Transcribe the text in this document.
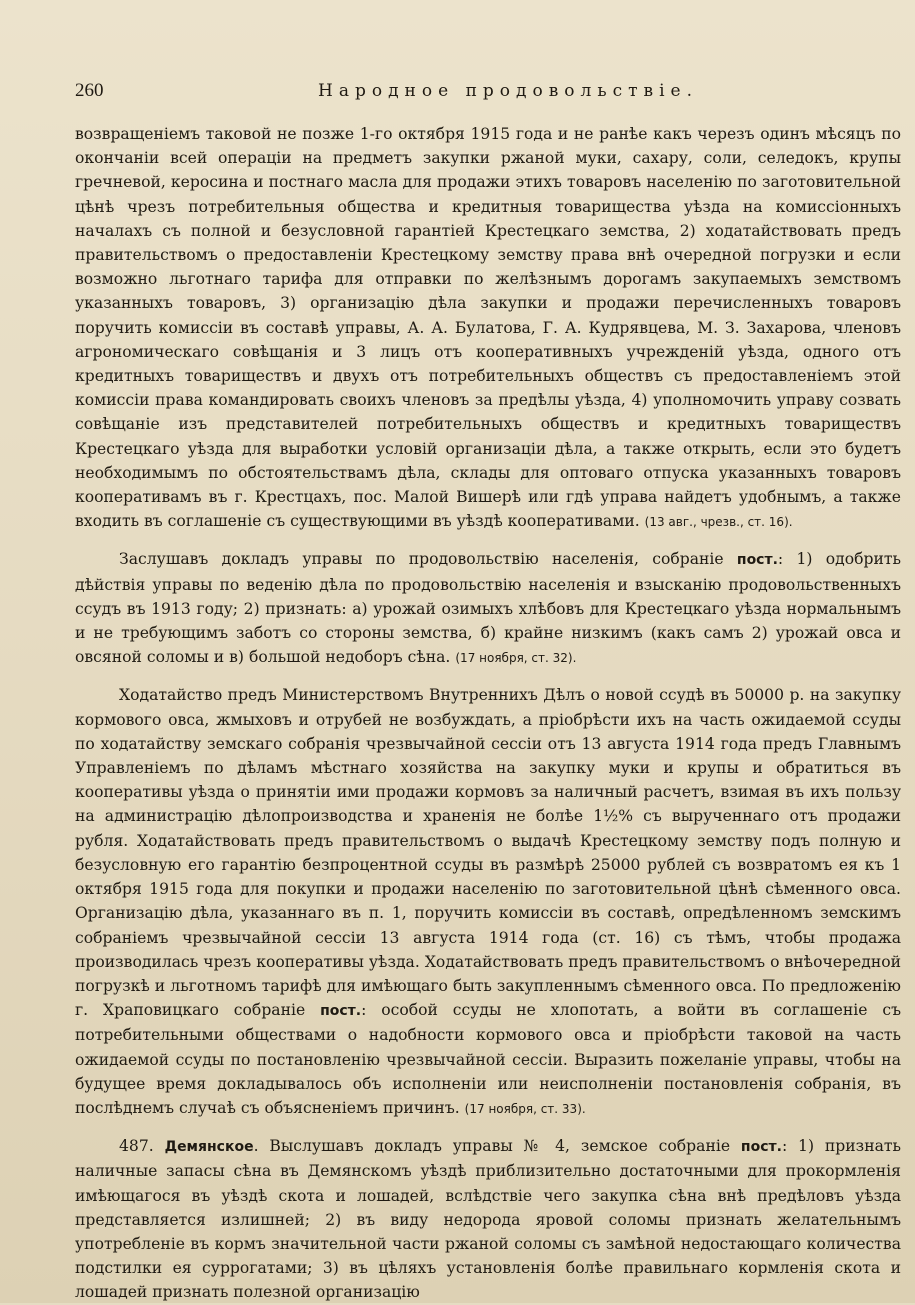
260	Народное продовольствіе.

возвращеніемъ таковой не позже 1-го октября 1915 года и не ранѣе какъ черезъ одинъ мѣсяцъ по окончаніи всей операціи на предметъ закупки ржаной муки, сахару, соли, селедокъ, крупы гречневой, керосина и постнаго масла для продажи этихъ товаровъ населенію по заготовительной цѣнѣ чрезъ потребительныя общества и кредитныя товарищества уѣзда на комиссіонныхъ началахъ съ полной и безусловной гарантіей Крестецкаго земства, 2) ходатайствовать предъ правительствомъ о предоставленіи Крестецкому земству права внѣ очередной погрузки и если возможно льготнаго тарифа для отправки по желѣзнымъ дорогамъ закупаемыхъ земствомъ указанныхъ товаровъ, 3) организацію дѣла закупки и продажи перечисленныхъ товаровъ поручить комиссіи въ составѣ управы, А. А. Булатова, Г. А. Кудрявцева, М. З. Захарова, членовъ агрономическаго совѣщанія и 3 лицъ отъ кооперативныхъ учрежденій уѣзда, одного отъ кредитныхъ товариществъ и двухъ отъ потребительныхъ обществъ съ предоставленіемъ этой комиссіи права командировать своихъ членовъ за предѣлы уѣзда, 4) уполномочить управу созвать совѣщаніе изъ представителей потребительныхъ обществъ и кредитныхъ товариществъ Крестецкаго уѣзда для выработки условій организаціи дѣла, а также открыть, если это будетъ необходимымъ по обстоятельствамъ дѣла, склады для оптоваго отпуска указанныхъ товаровъ кооперативамъ въ г. Крестцахъ, пос. Малой Вишерѣ или гдѣ управа найдетъ удобнымъ, а также входить въ соглашеніе съ существующими въ уѣздѣ кооперативами. (13 авг., чрезв., ст. 16).

Заслушавъ докладъ управы по продовольствію населенія, собраніе пост.: 1) одобрить дѣйствія управы по веденію дѣла по продовольствію населенія и взысканію продовольственныхъ ссудъ въ 1913 году; 2) признать: а) урожай озимыхъ хлѣбовъ для Крестецкаго уѣзда нормальнымъ и не требующимъ заботъ со стороны земства, б) крайне низкимъ (какъ самъ 2) урожай овса и овсяной соломы и в) большой недоборъ сѣна. (17 ноября, ст. 32).

Ходатайство предъ Министерствомъ Внутреннихъ Дѣлъ о новой ссудѣ въ 50000 р. на закупку кормового овса, жмыховъ и отрубей не возбуждать, а пріобрѣсти ихъ на часть ожидаемой ссуды по ходатайству земскаго собранія чрезвычайной сессіи отъ 13 августа 1914 года предъ Главнымъ Управленіемъ по дѣламъ мѣстнаго хозяйства на закупку муки и крупы и обратиться въ кооперативы уѣзда о принятіи ими продажи кормовъ за наличный расчетъ, взимая въ ихъ пользу на администрацію дѣлопроизводства и храненія не болѣе 1½% съ вырученнаго отъ продажи рубля. Ходатайствовать предъ правительствомъ о выдачѣ Крестецкому земству подъ полную и безусловную его гарантію безпроцентной ссуды въ размѣрѣ 25000 рублей съ возвратомъ ея къ 1 октября 1915 года для покупки и продажи населенію по заготовительной цѣнѣ сѣменного овса. Организацію дѣла, указаннаго въ п. 1, поручить комиссіи въ составѣ, опредѣленномъ земскимъ собраніемъ чрезвычайной сессіи 13 августа 1914 года (ст. 16) съ тѣмъ, чтобы продажа производилась чрезъ кооперативы уѣзда. Ходатайствовать предъ правительствомъ о внѣочередной погрузкѣ и льготномъ тарифѣ для имѣющаго быть закупленнымъ сѣменного овса. По предложенію г. Храповицкаго собраніе пост.: особой ссуды не хлопотать, а войти въ соглашеніе съ потребительными обществами о надобности кормового овса и пріобрѣсти таковой на часть ожидаемой ссуды по постановленію чрезвычайной сессіи. Выразить пожеланіе управы, чтобы на будущее время докладывалось объ исполненіи или неисполненіи постановленія собранія, въ послѣднемъ случаѣ съ объясненіемъ причинъ. (17 ноября, ст. 33).

487. Демянское. Выслушавъ докладъ управы № 4, земское собраніе пост.: 1) признать наличные запасы сѣна въ Демянскомъ уѣздѣ приблизительно достаточными для прокормленія имѣющагося въ уѣздѣ скота и лошадей, вслѣдствіе чего закупка сѣна внѣ предѣловъ уѣзда представляется излишней; 2) въ виду недорода яровой соломы признать желательнымъ употребленіе въ кормъ значительной части ржаной соломы съ замѣной недостающаго количества подстилки ея суррогатами; 3) въ цѣляхъ установленія болѣе правильнаго кормленія скота и лошадей признать полезной организацію
